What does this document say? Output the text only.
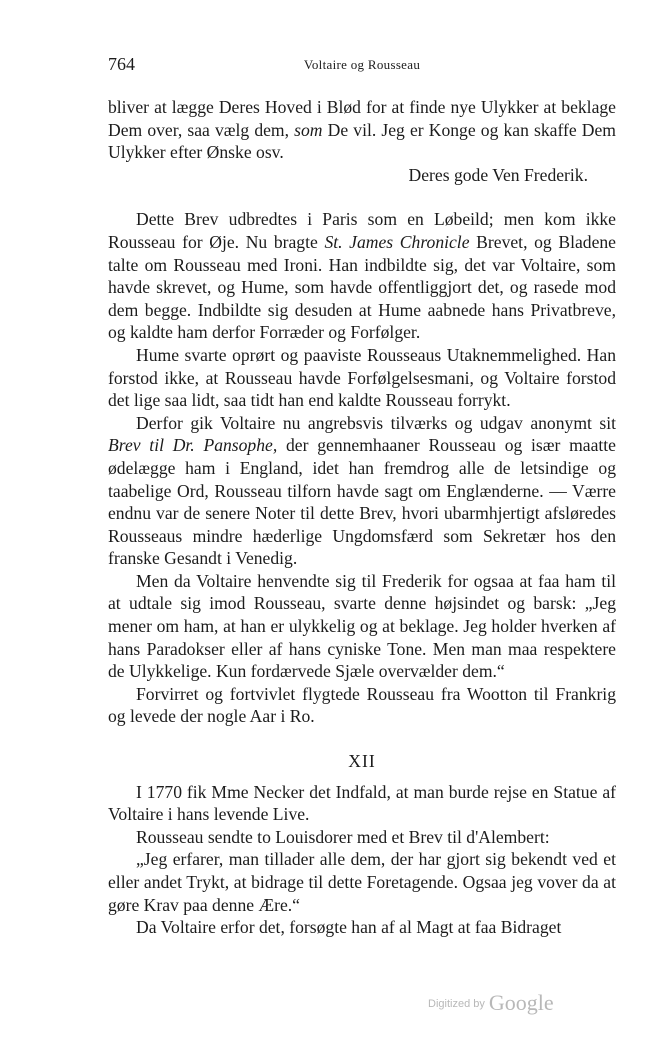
764	Voltaire og Rousseau

bliver at lægge Deres Hoved i Blød for at finde nye Ulykker at beklage Dem over, saa vælg dem, som De vil. Jeg er Konge og kan skaffe Dem Ulykker efter Ønske osv.

Deres gode Ven Frederik.

Dette Brev udbredtes i Paris som en Løbeild; men kom ikke Rousseau for Øje. Nu bragte St. James Chronicle Brevet, og Bladene talte om Rousseau med Ironi. Han indbildte sig, det var Voltaire, som havde skrevet, og Hume, som havde offentliggjort det, og rasede mod dem begge. Indbildte sig desuden at Hume aabnede hans Privatbreve, og kaldte ham derfor Forræder og Forfølger.

Hume svarte oprørt og paaviste Rousseaus Utaknemmelighed. Han forstod ikke, at Rousseau havde Forfølgelsesmani, og Voltaire forstod det lige saa lidt, saa tidt han end kaldte Rousseau forrykt.

Derfor gik Voltaire nu angrebsvis tilværks og udgav anonymt sit Brev til Dr. Pansophe, der gennemhaaner Rousseau og især maatte ødelægge ham i England, idet han fremdrog alle de letsindige og taabelige Ord, Rousseau tilforn havde sagt om Englænderne. — Værre endnu var de senere Noter til dette Brev, hvori ubarmhjertigt afsløredes Rousseaus mindre hæderlige Ungdomsfærd som Sekretær hos den franske Gesandt i Venedig.

Men da Voltaire henvendte sig til Frederik for ogsaa at faa ham til at udtale sig imod Rousseau, svarte denne højsindet og barsk: „Jeg mener om ham, at han er ulykkelig og at beklage. Jeg holder hverken af hans Paradokser eller af hans cyniske Tone. Men man maa respektere de Ulykkelige. Kun fordærvede Sjæle overvælder dem.“

Forvirret og fortvivlet flygtede Rousseau fra Wootton til Frankrig og levede der nogle Aar i Ro.

XII

I 1770 fik Mme Necker det Indfald, at man burde rejse en Statue af Voltaire i hans levende Live.

Rousseau sendte to Louisdorer med et Brev til d'Alembert:

„Jeg erfarer, man tillader alle dem, der har gjort sig bekendt ved et eller andet Trykt, at bidrage til dette Foretagende. Ogsaa jeg vover da at gøre Krav paa denne Ære.“

Da Voltaire erfor det, forsøgte han af al Magt at faa Bidraget

Digitized by Google
